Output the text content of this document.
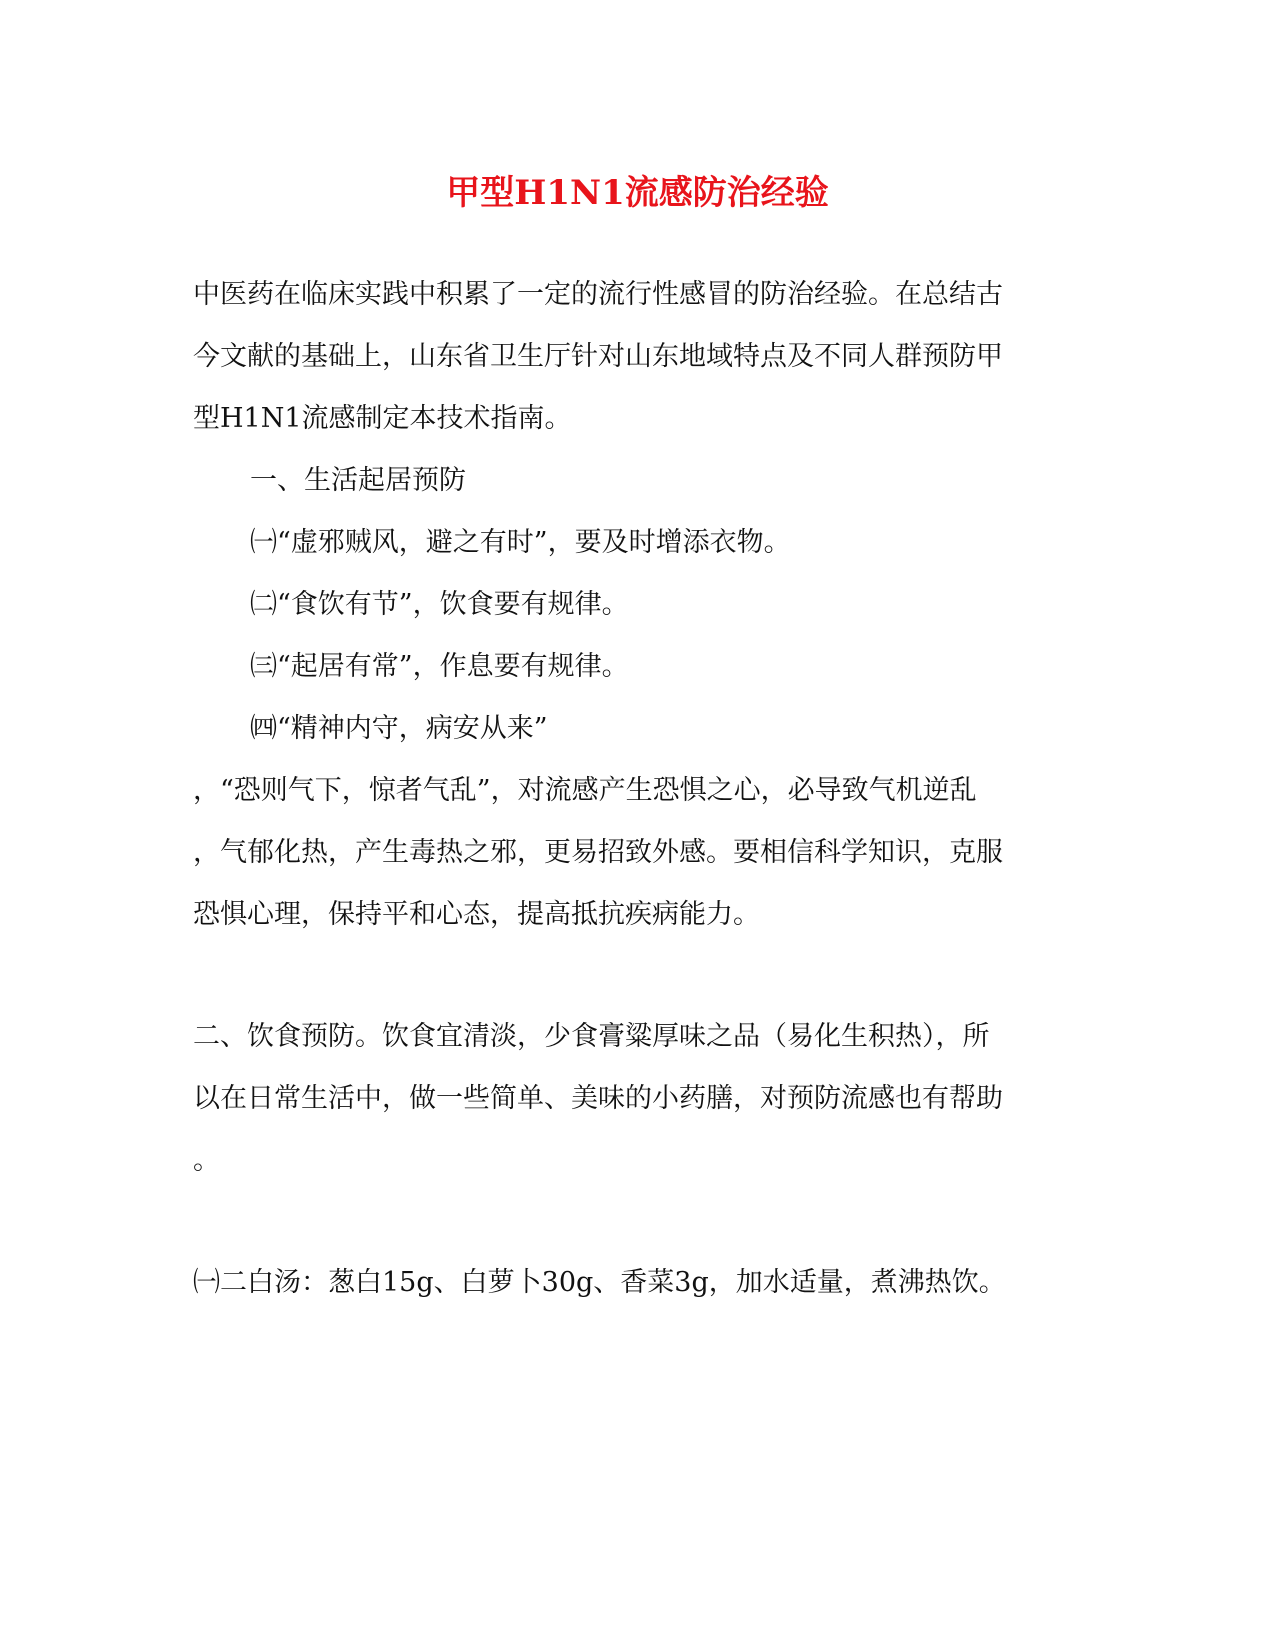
甲型H1N1流感防治经验
中医药在临床实践中积累了一定的流行性感冒的防治经验。在总结古
今文献的基础上，山东省卫生厅针对山东地域特点及不同人群预防甲
型H1N1流感制定本技术指南。
一、生活起居预防
㈠“虚邪贼风，避之有时”，要及时增添衣物。
㈡“食饮有节”，饮食要有规律。
㈢“起居有常”，作息要有规律。
㈣“精神内守，病安从来”
，“恐则气下，惊者气乱”，对流感产生恐惧之心，必导致气机逆乱
，气郁化热，产生毒热之邪，更易招致外感。要相信科学知识，克服
恐惧心理，保持平和心态，提高抵抗疾病能力。
二、饮食预防。饮食宜清淡，少食膏粱厚味之品（易化生积热），所
以在日常生活中，做一些简单、美味的小药膳，对预防流感也有帮助
。
㈠二白汤：葱白15g、白萝卜30g、香菜3g，加水适量，煮沸热饮。
